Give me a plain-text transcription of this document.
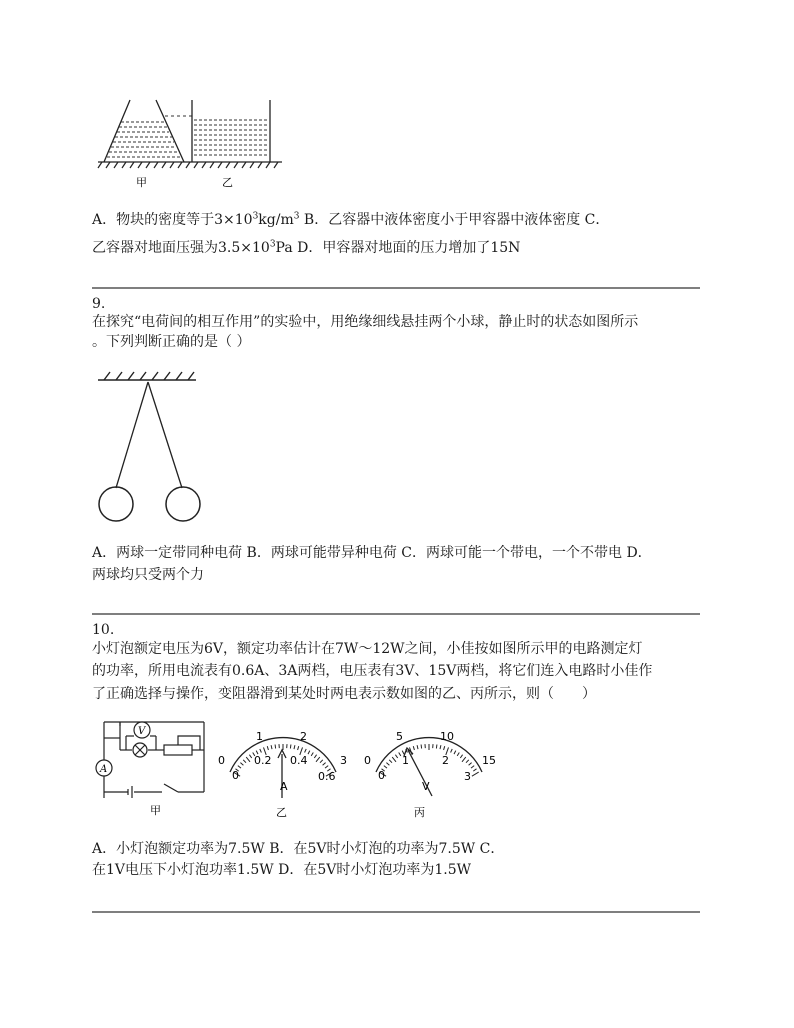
甲	乙
A．物块的密度等于$3\times 10^3kg/m^3$ B．乙容器中液体密度小于甲容器中液体密度 C．
乙容器对地面压强为$3.5\times 10^3Pa$ D．甲容器对地面的压力增加了15N
9.
在探究“电荷间的相互作用”的实验中，用绝缘细线悬挂两个小球，静止时的状态如图所示
。下列判断正确的是（ ）
A．两球一定带同种电荷 B．两球可能带异种电荷 C．两球可能一个带电，一个不带电 D．
两球均只受两个力
10.
小灯泡额定电压为6V，额定功率估计在7W～12W之间，小佳按如图所示甲的电路测定灯
的功率，所用电流表有0.6A、3A两档，电压表有3V、15V两档，将它们连入电路时小佳作
了正确选择与操作，变阻器滑到某处时两电表示数如图的乙、丙所示，则（　　）
V
A
甲
0
1	2
3
0
0.2 0.4
0.6
A
乙
0
5	10
15
0
1	2
3
V
丙
A．小灯泡额定功率为7.5W B．在5V时小灯泡的功率为7.5W C．
在1V电压下小灯泡功率1.5W D．在5V时小灯泡功率为1.5W
